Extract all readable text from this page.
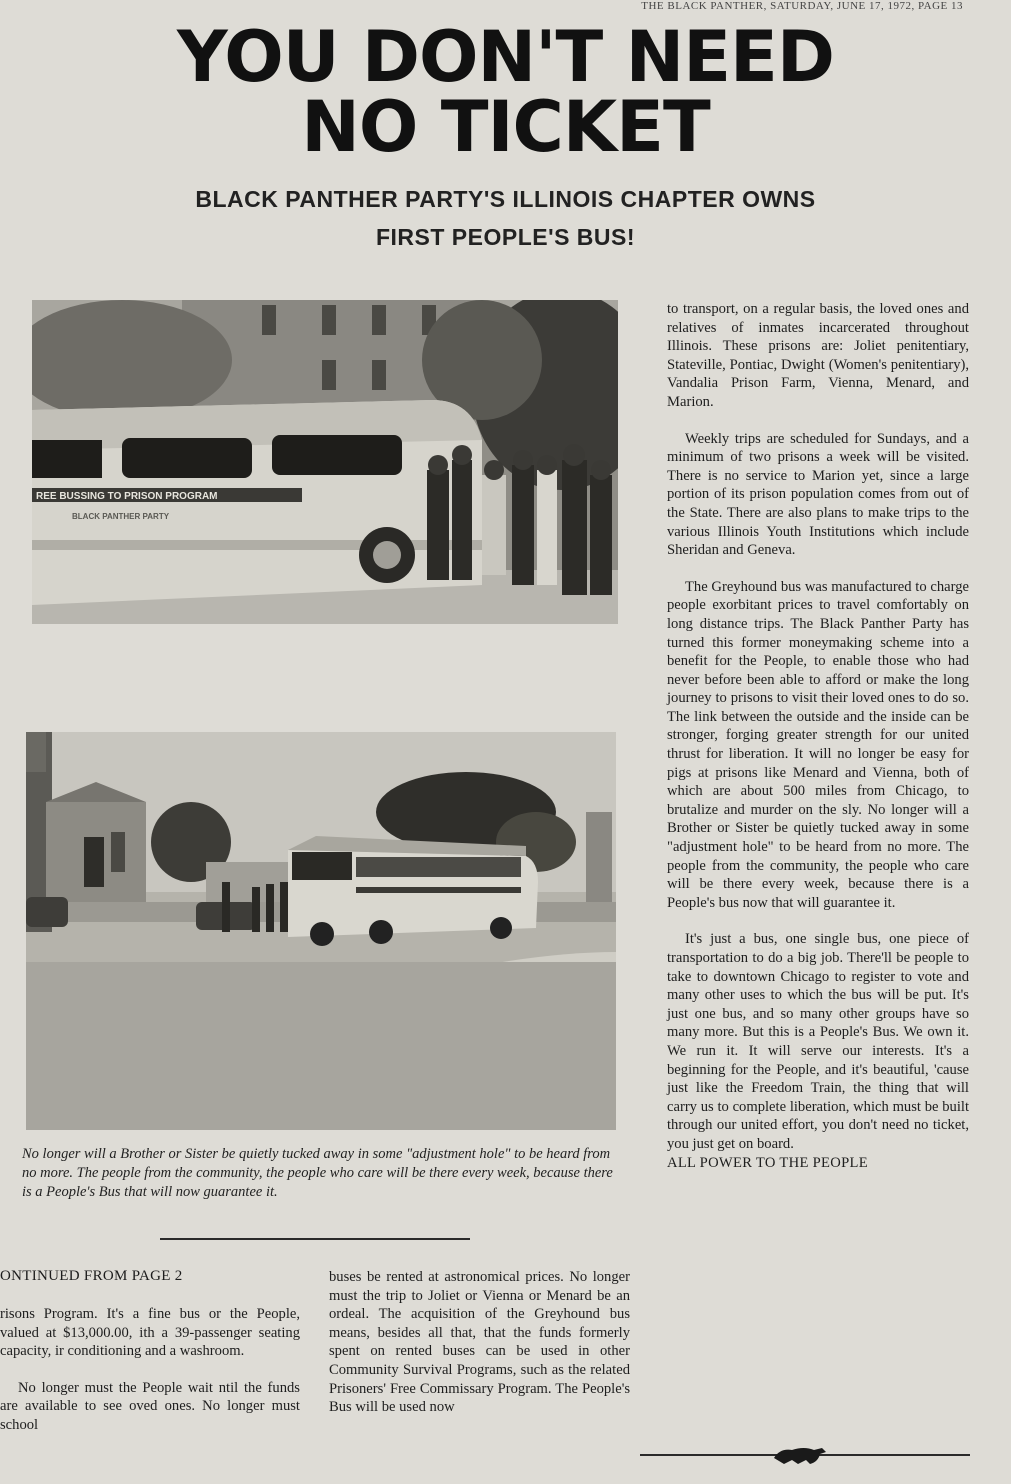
THE BLACK PANTHER, SATURDAY, JUNE 17, 1972, PAGE 13
YOU DON'T NEED
NO TICKET
BLACK PANTHER PARTY'S ILLINOIS CHAPTER OWNS
FIRST PEOPLE'S BUS!
REE BUSSING TO PRISON PROGRAM
BLACK PANTHER PARTY
No longer will a Brother or Sister be quietly tucked away in some "adjustment hole" to be heard from no more. The people from the community, the people who care will be there every week, because there is a People's Bus that will now guarantee it.
ONTINUED FROM PAGE 2

risons Program. It's a fine bus or the People, valued at $13,000.00, ith a 39-passenger seating capacity, ir conditioning and a washroom.

No longer must the People wait ntil the funds are available to see oved ones. No longer must school

buses be rented at astronomical prices. No longer must the trip to Joliet or Vienna or Menard be an ordeal. The acquisition of the Greyhound bus means, besides all that, that the funds formerly spent on rented buses can be used in other Community Survival Programs, such as the related Prisoners' Free Commissary Program. The People's Bus will be used now

to transport, on a regular basis, the loved ones and relatives of inmates incarcerated throughout Illinois. These prisons are: Joliet penitentiary, Stateville, Pontiac, Dwight (Women's penitentiary), Vandalia Prison Farm, Vienna, Menard, and Marion.

Weekly trips are scheduled for Sundays, and a minimum of two prisons a week will be visited. There is no service to Marion yet, since a large portion of its prison population comes from out of the State. There are also plans to make trips to the various Illinois Youth Institutions which include Sheridan and Geneva.

The Greyhound bus was manufactured to charge people exorbitant prices to travel comfortably on long distance trips. The Black Panther Party has turned this former moneymaking scheme into a benefit for the People, to enable those who had never before been able to afford or make the long journey to prisons to visit their loved ones to do so. The link between the outside and the inside can be stronger, forging greater strength for our united thrust for liberation. It will no longer be easy for pigs at prisons like Menard and Vienna, both of which are about 500 miles from Chicago, to brutalize and murder on the sly. No longer will a Brother or Sister be quietly tucked away in some "adjustment hole" to be heard from no more. The people from the community, the people who care will be there every week, because there is a People's bus now that will guarantee it.

It's just a bus, one single bus, one piece of transportation to do a big job. There'll be people to take to downtown Chicago to register to vote and many other uses to which the bus will be put. It's just one bus, and so many other groups have so many more. But this is a People's Bus. We own it. We run it. It will serve our interests. It's a beginning for the People, and it's beautiful, 'cause just like the Freedom Train, the thing that will carry us to complete liberation, which must be built through our united effort, you don't need no ticket, you just get on board.

ALL POWER TO THE PEOPLE
